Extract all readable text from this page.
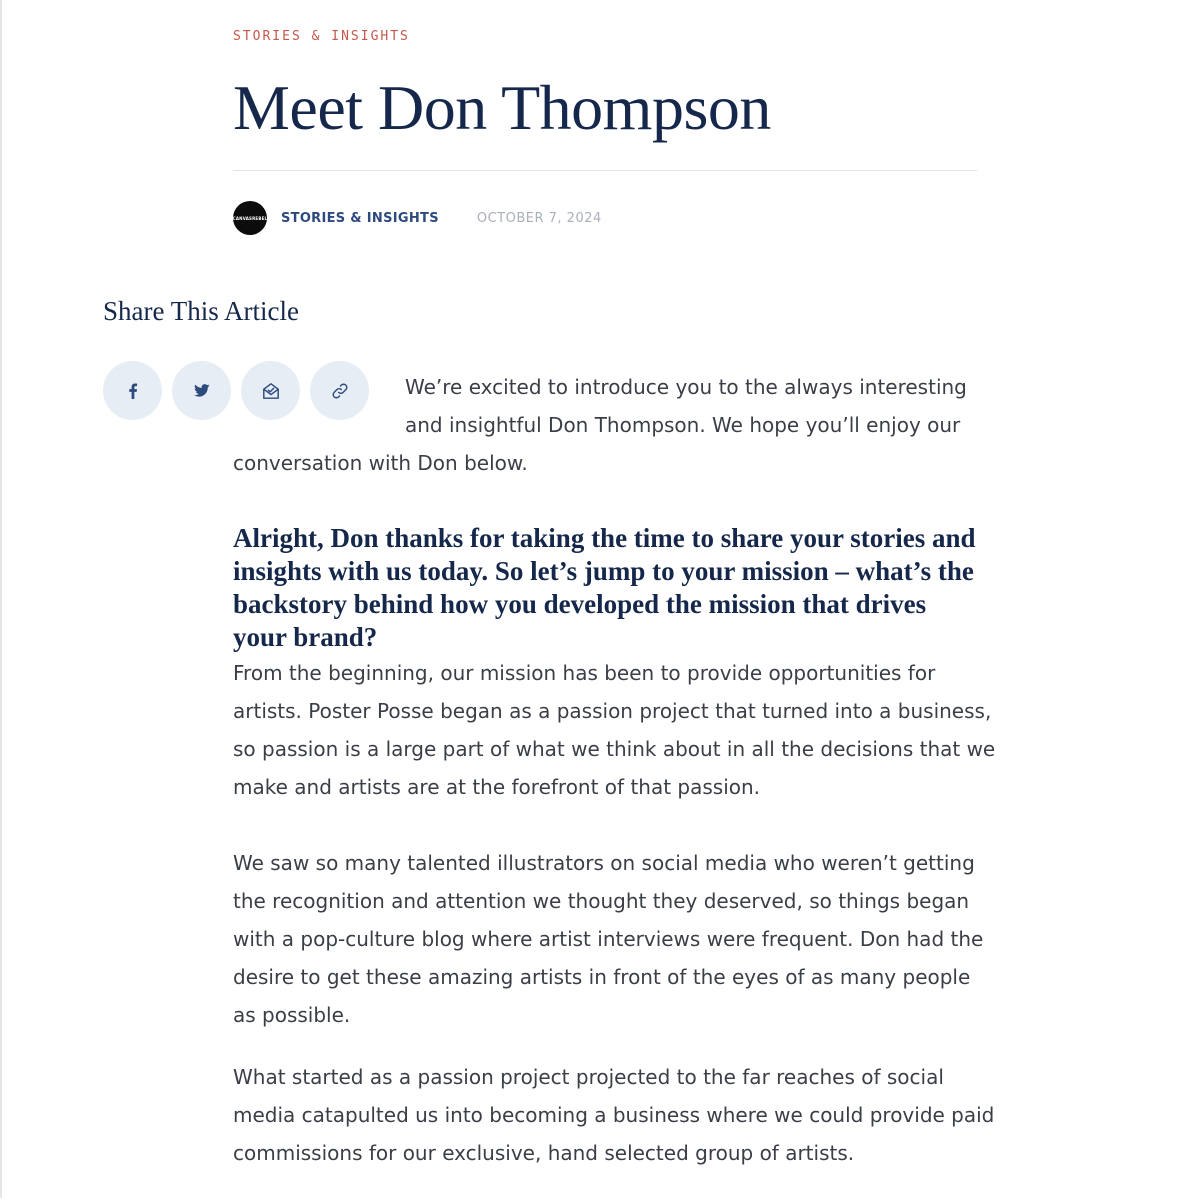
STORIES & INSIGHTS
Meet Don Thompson
CANVASREBEL STORIES & INSIGHTS	OCTOBER 7, 2024
Share This Article

We’re excited to introduce you to the always interesting and insightful Don Thompson. We hope you’ll enjoy our conversation with Don below.

Alright, Don thanks for taking the time to share your stories and insights with us today. So let’s jump to your mission – what’s the backstory behind how you developed the mission that drives your brand?

From the beginning, our mission has been to provide opportunities for artists. Poster Posse began as a passion project that turned into a business, so passion is a large part of what we think about in all the decisions that we make and artists are at the forefront of that passion.

We saw so many talented illustrators on social media who weren’t getting the recognition and attention we thought they deserved, so things began with a pop-culture blog where artist interviews were frequent. Don had the desire to get these amazing artists in front of the eyes of as many people as possible.

What started as a passion project projected to the far reaches of social media catapulted us into becoming a business where we could provide paid commissions for our exclusive, hand selected group of artists.
